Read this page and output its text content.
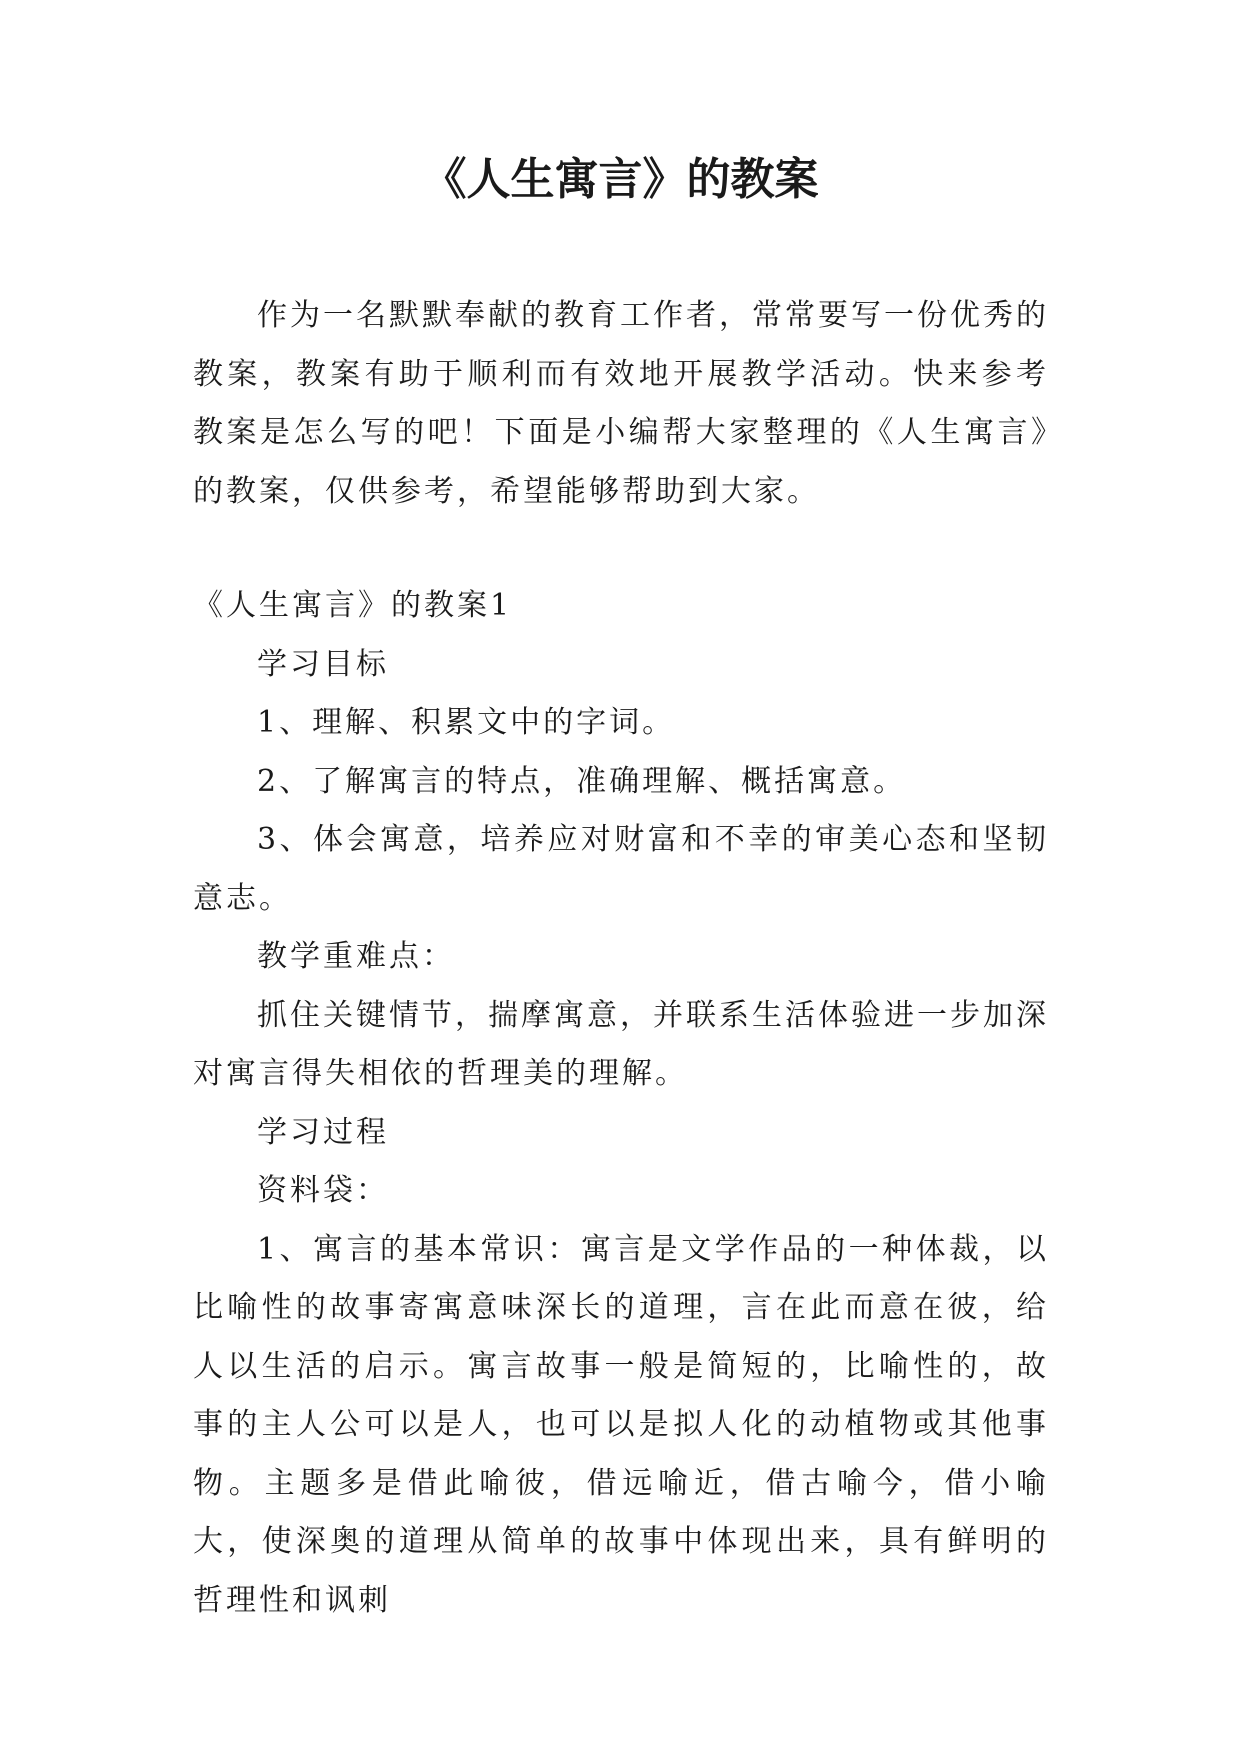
《人生寓言》的教案

作为一名默默奉献的教育工作者，常常要写一份优秀的教案，教案有助于顺利而有效地开展教学活动。快来参考教案是怎么写的吧！下面是小编帮大家整理的《人生寓言》的教案，仅供参考，希望能够帮助到大家。

《人生寓言》的教案1

学习目标

1、理解、积累文中的字词。

2、了解寓言的特点，准确理解、概括寓意。

3、体会寓意，培养应对财富和不幸的审美心态和坚韧意志。

教学重难点：

抓住关键情节，揣摩寓意，并联系生活体验进一步加深对寓言得失相依的哲理美的理解。

学习过程

资料袋：

1、寓言的基本常识：寓言是文学作品的一种体裁，以比喻性的故事寄寓意味深长的道理，言在此而意在彼，给人以生活的启示。寓言故事一般是简短的，比喻性的，故事的主人公可以是人，也可以是拟人化的动植物或其他事物。主题多是借此喻彼，借远喻近，借古喻今，借小喻大，使深奥的道理从简单的故事中体现出来，具有鲜明的哲理性和讽刺
